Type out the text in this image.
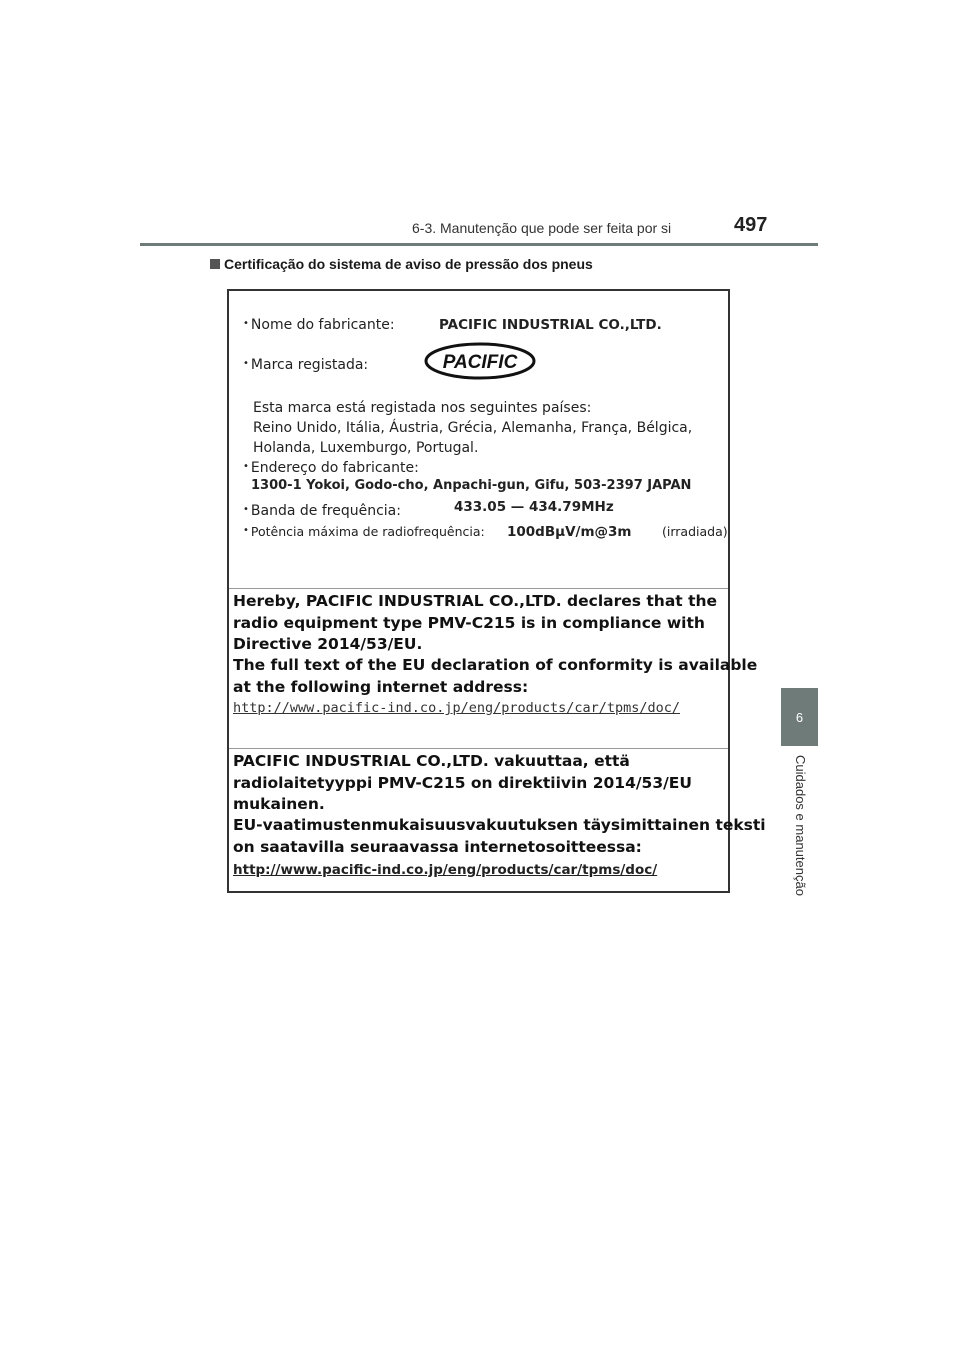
6-3. Manutenção que pode ser feita por si	497
6
Cuidados e manutenção
Certificação do sistema de aviso de pressão dos pneus
• Nome do fabricante:	PACIFIC INDUSTRIAL CO.,LTD.
• Marca registada:	PACIFIC
Esta marca está registada nos seguintes países:
Reino Unido, Itália, Áustria, Grécia, Alemanha, França, Bélgica,
Holanda, Luxemburgo, Portugal.
• Endereço do fabricante:
1300-1 Yokoi, Godo-cho, Anpachi-gun, Gifu, 503-2397 JAPAN
• Banda de frequência:	433.05 — 434.79MHz
• Potência máxima de radiofrequência: 100dBµV/m@3m (irradiada)
Hereby, PACIFIC INDUSTRIAL CO.,LTD. declares that the
radio equipment type PMV-C215 is in compliance with
Directive 2014/53/EU.
The full text of the EU declaration of conformity is available
at the following internet address:
http://www.pacific-ind.co.jp/eng/products/car/tpms/doc/
PACIFIC INDUSTRIAL CO.,LTD. vakuuttaa, että
radiolaitetyyppi PMV-C215 on direktiivin 2014/53/EU
mukainen.
EU-vaatimustenmukaisuusvakuutuksen täysimittainen teksti
on saatavilla seuraavassa internetosoitteessa:
http://www.pacific-ind.co.jp/eng/products/car/tpms/doc/
